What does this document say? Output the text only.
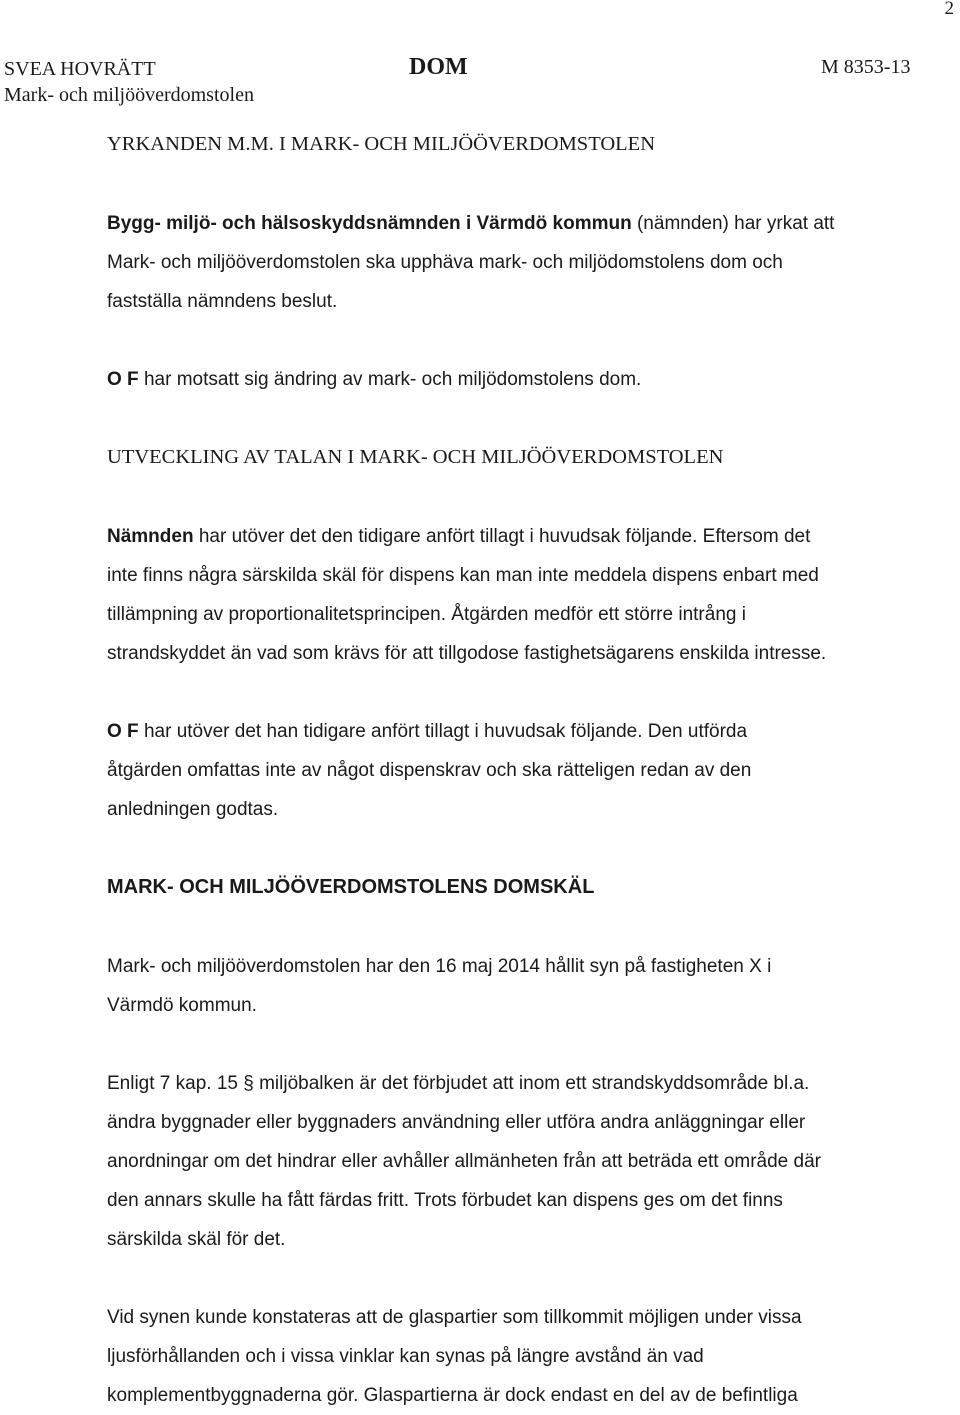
2
SVEA HOVRÄTT
Mark- och miljööverdomstolen
DOM	M 8353-13
YRKANDEN M.M. I MARK- OCH MILJÖÖVERDOMSTOLEN
Bygg- miljö- och hälsoskyddsnämnden i Värmdö kommun (nämnden) har yrkat att
Mark- och miljööverdomstolen ska upphäva mark- och miljödomstolens dom och
fastställa nämndens beslut.
O F har motsatt sig ändring av mark- och miljödomstolens dom.
UTVECKLING AV TALAN I MARK- OCH MILJÖÖVERDOMSTOLEN
Nämnden har utöver det den tidigare anfört tillagt i huvudsak följande. Eftersom det
inte finns några särskilda skäl för dispens kan man inte meddela dispens enbart med
tillämpning av proportionalitetsprincipen. Åtgärden medför ett större intrång i
strandskyddet än vad som krävs för att tillgodose fastighetsägarens enskilda intresse.
O F har utöver det han tidigare anfört tillagt i huvudsak följande. Den utförda
åtgärden omfattas inte av något dispenskrav och ska rätteligen redan av den
anledningen godtas.
MARK- OCH MILJÖÖVERDOMSTOLENS DOMSKÄL
Mark- och miljööverdomstolen har den 16 maj 2014 hållit syn på fastigheten X i
Värmdö kommun.
Enligt 7 kap. 15 § miljöbalken är det förbjudet att inom ett strandskyddsområde bl.a.
ändra byggnader eller byggnaders användning eller utföra andra anläggningar eller
anordningar om det hindrar eller avhåller allmänheten från att beträda ett område där
den annars skulle ha fått färdas fritt. Trots förbudet kan dispens ges om det finns
särskilda skäl för det.
Vid synen kunde konstateras att de glaspartier som tillkommit möjligen under vissa
ljusförhållanden och i vissa vinklar kan synas på längre avstånd än vad
komplementbyggnaderna gör. Glaspartierna är dock endast en del av de befintliga
